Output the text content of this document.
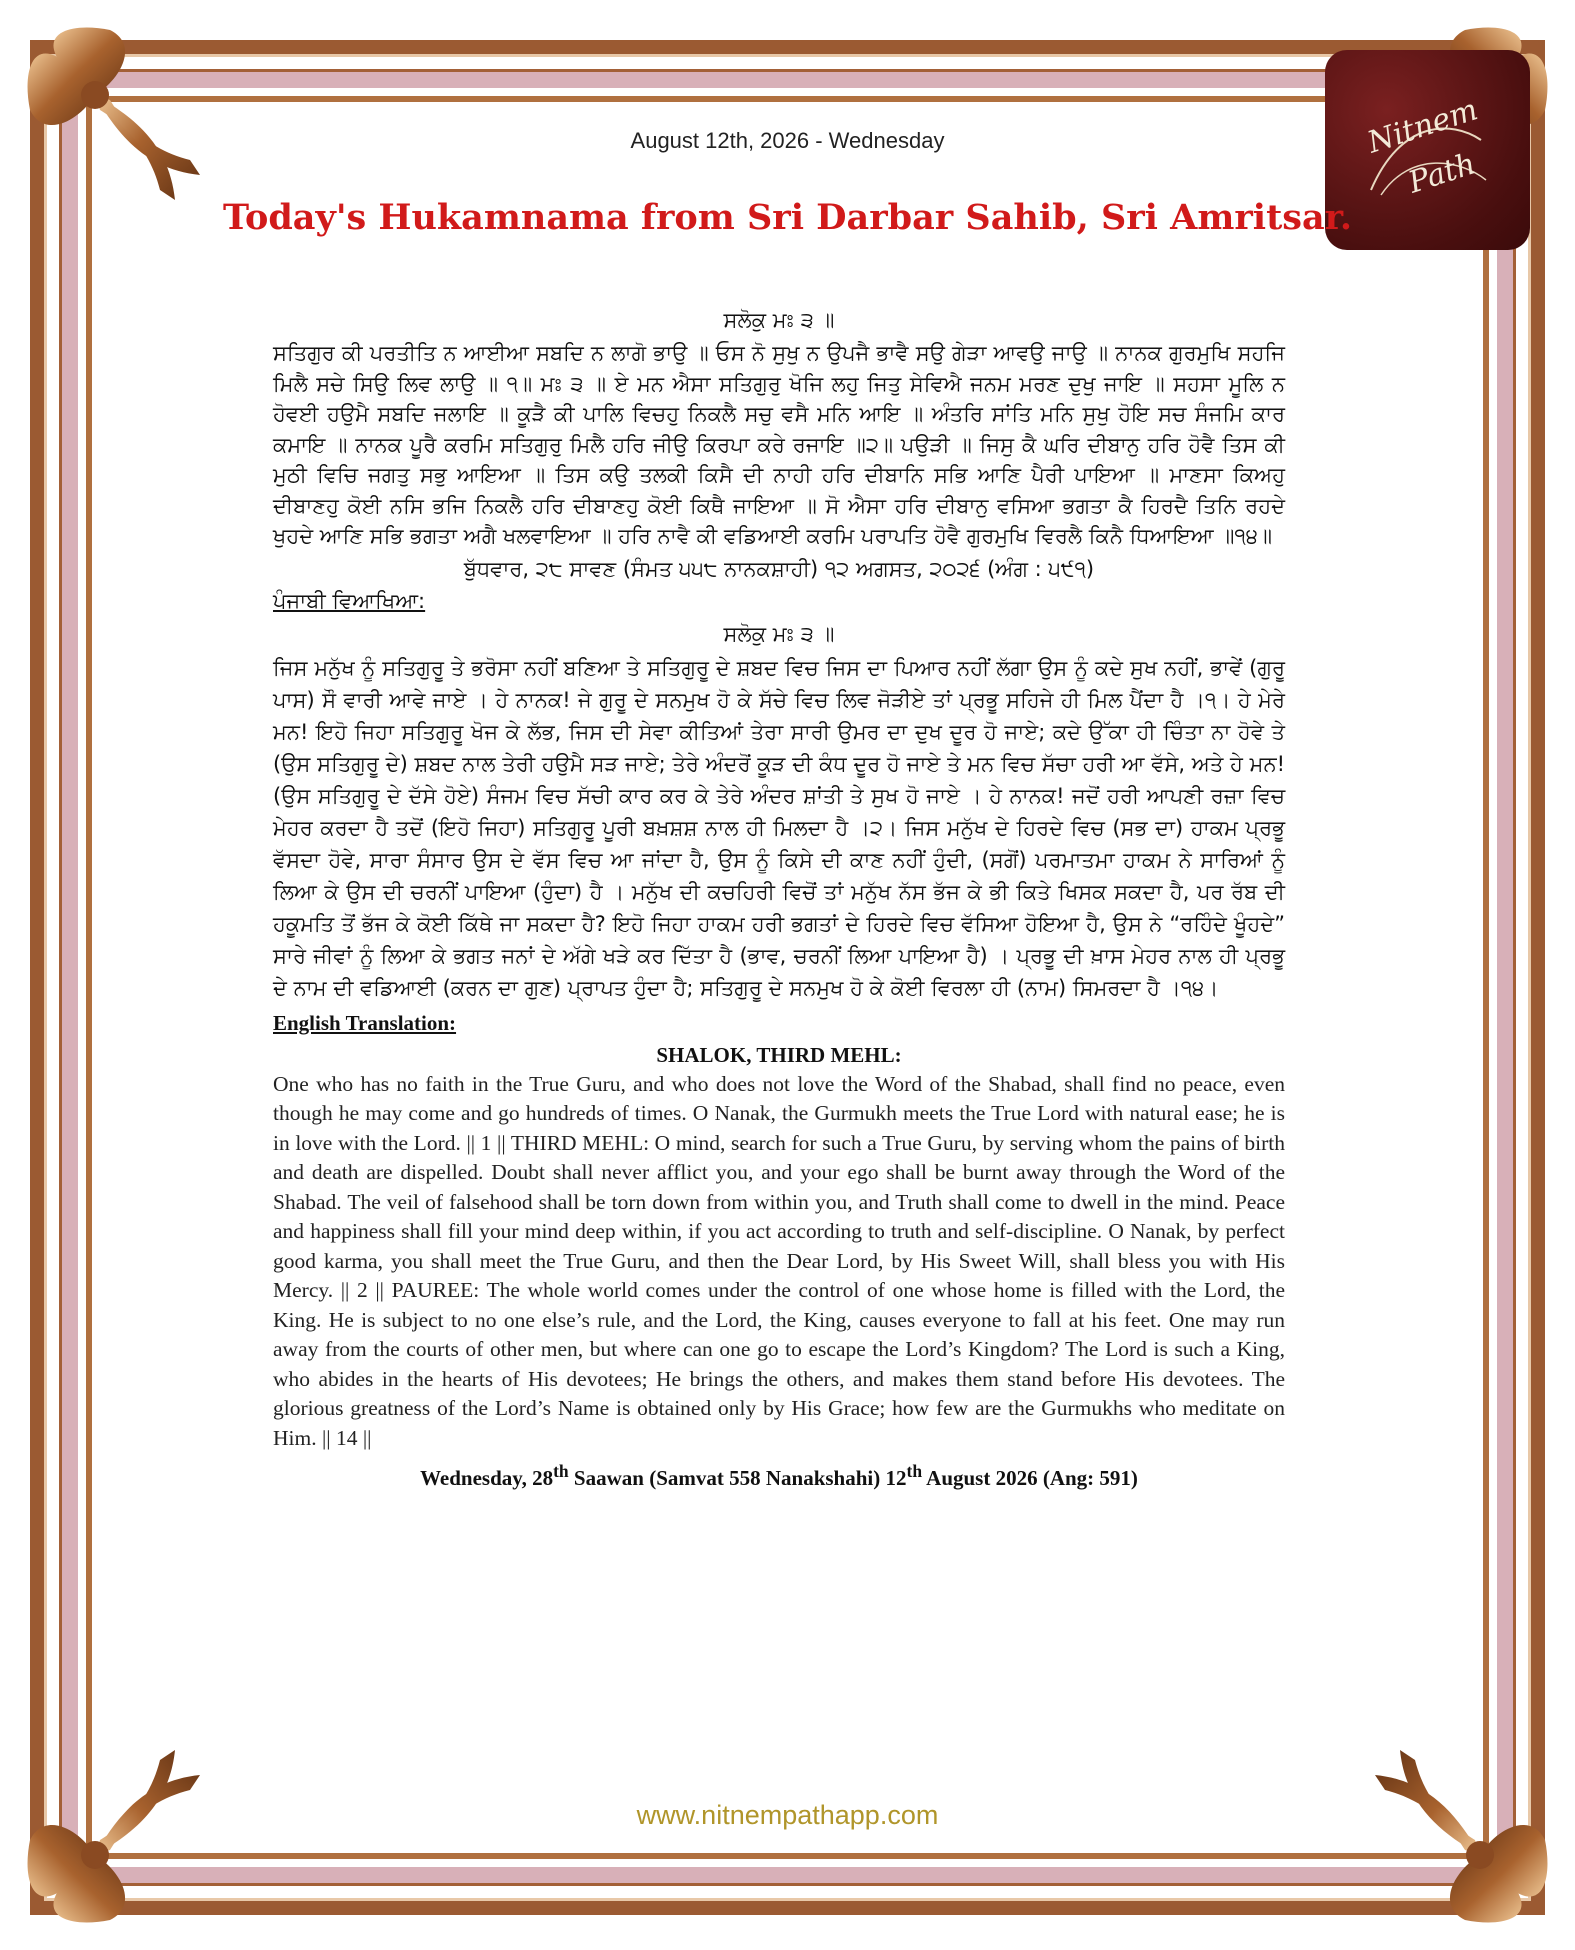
Nitnem
Path
August 12th, 2026 - Wednesday
Today's Hukamnama from Sri Darbar Sahib, Sri Amritsar.
ਸਲੋਕੁ ਮਃ ੩ ॥
ਸਤਿਗੁਰ ਕੀ ਪਰਤੀਤਿ ਨ ਆਈਆ ਸਬਦਿ ਨ ਲਾਗੋ ਭਾਉ ॥ ਓਸ ਨੋ ਸੁਖੁ ਨ ਉਪਜੈ ਭਾਵੈ ਸਉ ਗੇੜਾ ਆਵਉ ਜਾਉ ॥ ਨਾਨਕ ਗੁਰਮੁਖਿ ਸਹਜਿ ਮਿਲੈ ਸਚੇ ਸਿਉ ਲਿਵ ਲਾਉ ॥ ੧॥ ਮਃ ੩ ॥ ਏ ਮਨ ਐਸਾ ਸਤਿਗੁਰੁ ਖੋਜਿ ਲਹੁ ਜਿਤੁ ਸੇਵਿਐ ਜਨਮ ਮਰਣ ਦੁਖੁ ਜਾਇ ॥ ਸਹਸਾ ਮੂਲਿ ਨ ਹੋਵਈ ਹਉਮੈ ਸਬਦਿ ਜਲਾਇ ॥ ਕੂੜੈ ਕੀ ਪਾਲਿ ਵਿਚਹੁ ਨਿਕਲੈ ਸਚੁ ਵਸੈ ਮਨਿ ਆਇ ॥ ਅੰਤਰਿ ਸਾਂਤਿ ਮਨਿ ਸੁਖੁ ਹੋਇ ਸਚ ਸੰਜਮਿ ਕਾਰ ਕਮਾਇ ॥ ਨਾਨਕ ਪੂਰੈ ਕਰਮਿ ਸਤਿਗੁਰੁ ਮਿਲੈ ਹਰਿ ਜੀਉ ਕਿਰਪਾ ਕਰੇ ਰਜਾਇ ॥੨॥ ਪਉੜੀ ॥ ਜਿਸੁ ਕੈ ਘਰਿ ਦੀਬਾਨੁ ਹਰਿ ਹੋਵੈ ਤਿਸ ਕੀ ਮੁਠੀ ਵਿਚਿ ਜਗਤੁ ਸਭੁ ਆਇਆ ॥ ਤਿਸ ਕਉ ਤਲਕੀ ਕਿਸੈ ਦੀ ਨਾਹੀ ਹਰਿ ਦੀਬਾਨਿ ਸਭਿ ਆਣਿ ਪੈਰੀ ਪਾਇਆ ॥ ਮਾਣਸਾ ਕਿਅਹੁ ਦੀਬਾਣਹੁ ਕੋਈ ਨਸਿ ਭਜਿ ਨਿਕਲੈ ਹਰਿ ਦੀਬਾਣਹੁ ਕੋਈ ਕਿਥੈ ਜਾਇਆ ॥ ਸੋ ਐਸਾ ਹਰਿ ਦੀਬਾਨੁ ਵਸਿਆ ਭਗਤਾ ਕੈ ਹਿਰਦੈ ਤਿਨਿ ਰਹਦੇ ਖੁਹਦੇ ਆਣਿ ਸਭਿ ਭਗਤਾ ਅਗੈ ਖਲਵਾਇਆ ॥ ਹਰਿ ਨਾਵੈ ਕੀ ਵਡਿਆਈ ਕਰਮਿ ਪਰਾਪਤਿ ਹੋਵੈ ਗੁਰਮੁਖਿ ਵਿਰਲੈ ਕਿਨੈ ਧਿਆਇਆ ॥੧੪॥
ਬੁੱਧਵਾਰ, ੨੮ ਸਾਵਣ (ਸੰਮਤ ੫੫੮ ਨਾਨਕਸ਼ਾਹੀ) ੧੨ ਅਗਸਤ, ੨੦੨੬ (ਅੰਗ : ੫੯੧)
ਪੰਜਾਬੀ ਵਿਆਖਿਆ:
ਸਲੋਕੁ ਮਃ ੩ ॥
ਜਿਸ ਮਨੁੱਖ ਨੂੰ ਸਤਿਗੁਰੂ ਤੇ ਭਰੋਸਾ ਨਹੀਂ ਬਣਿਆ ਤੇ ਸਤਿਗੁਰੂ ਦੇ ਸ਼ਬਦ ਵਿਚ ਜਿਸ ਦਾ ਪਿਆਰ ਨਹੀਂ ਲੱਗਾ ਉਸ ਨੂੰ ਕਦੇ ਸੁਖ ਨਹੀਂ, ਭਾਵੇਂ (ਗੁਰੂ ਪਾਸ) ਸੌ ਵਾਰੀ ਆਵੇ ਜਾਏ । ਹੇ ਨਾਨਕ! ਜੇ ਗੁਰੂ ਦੇ ਸਨਮੁਖ ਹੋ ਕੇ ਸੱਚੇ ਵਿਚ ਲਿਵ ਜੋੜੀਏ ਤਾਂ ਪ੍ਰਭੂ ਸਹਿਜੇ ਹੀ ਮਿਲ ਪੈਂਦਾ ਹੈ ।੧। ਹੇ ਮੇਰੇ ਮਨ! ਇਹੋ ਜਿਹਾ ਸਤਿਗੁਰੂ ਖੋਜ ਕੇ ਲੱਭ, ਜਿਸ ਦੀ ਸੇਵਾ ਕੀਤਿਆਂ ਤੇਰਾ ਸਾਰੀ ਉਮਰ ਦਾ ਦੁਖ ਦੂਰ ਹੋ ਜਾਏ; ਕਦੇ ਉੱਕਾ ਹੀ ਚਿੰਤਾ ਨਾ ਹੋਵੇ ਤੇ (ਉਸ ਸਤਿਗੁਰੂ ਦੇ) ਸ਼ਬਦ ਨਾਲ ਤੇਰੀ ਹਉਮੈ ਸੜ ਜਾਏ; ਤੇਰੇ ਅੰਦਰੋਂ ਕੂੜ ਦੀ ਕੰਧ ਦੂਰ ਹੋ ਜਾਏ ਤੇ ਮਨ ਵਿਚ ਸੱਚਾ ਹਰੀ ਆ ਵੱਸੇ, ਅਤੇ ਹੇ ਮਨ! (ਉਸ ਸਤਿਗੁਰੂ ਦੇ ਦੱਸੇ ਹੋਏ) ਸੰਜਮ ਵਿਚ ਸੱਚੀ ਕਾਰ ਕਰ ਕੇ ਤੇਰੇ ਅੰਦਰ ਸ਼ਾਂਤੀ ਤੇ ਸੁਖ ਹੋ ਜਾਏ । ਹੇ ਨਾਨਕ! ਜਦੋਂ ਹਰੀ ਆਪਣੀ ਰਜ਼ਾ ਵਿਚ ਮੇਹਰ ਕਰਦਾ ਹੈ ਤਦੋਂ (ਇਹੋ ਜਿਹਾ) ਸਤਿਗੁਰੂ ਪੂਰੀ ਬਖ਼ਸ਼ਸ਼ ਨਾਲ ਹੀ ਮਿਲਦਾ ਹੈ ।੨। ਜਿਸ ਮਨੁੱਖ ਦੇ ਹਿਰਦੇ ਵਿਚ (ਸਭ ਦਾ) ਹਾਕਮ ਪ੍ਰਭੂ ਵੱਸਦਾ ਹੋਵੇ, ਸਾਰਾ ਸੰਸਾਰ ਉਸ ਦੇ ਵੱਸ ਵਿਚ ਆ ਜਾਂਦਾ ਹੈ, ਉਸ ਨੂੰ ਕਿਸੇ ਦੀ ਕਾਣ ਨਹੀਂ ਹੁੰਦੀ, (ਸਗੋਂ) ਪਰਮਾਤਮਾ ਹਾਕਮ ਨੇ ਸਾਰਿਆਂ ਨੂੰ ਲਿਆ ਕੇ ਉਸ ਦੀ ਚਰਨੀਂ ਪਾਇਆ (ਹੁੰਦਾ) ਹੈ । ਮਨੁੱਖ ਦੀ ਕਚਹਿਰੀ ਵਿਚੋਂ ਤਾਂ ਮਨੁੱਖ ਨੱਸ ਭੱਜ ਕੇ ਭੀ ਕਿਤੇ ਖਿਸਕ ਸਕਦਾ ਹੈ, ਪਰ ਰੱਬ ਦੀ ਹਕੂਮਤਿ ਤੋਂ ਭੱਜ ਕੇ ਕੋਈ ਕਿੱਥੇ ਜਾ ਸਕਦਾ ਹੈ? ਇਹੋ ਜਿਹਾ ਹਾਕਮ ਹਰੀ ਭਗਤਾਂ ਦੇ ਹਿਰਦੇ ਵਿਚ ਵੱਸਿਆ ਹੋਇਆ ਹੈ, ਉਸ ਨੇ “ਰਹਿੰਦੇ ਖੂੰਹਦੇ” ਸਾਰੇ ਜੀਵਾਂ ਨੂੰ ਲਿਆ ਕੇ ਭਗਤ ਜਨਾਂ ਦੇ ਅੱਗੇ ਖੜੇ ਕਰ ਦਿੱਤਾ ਹੈ (ਭਾਵ, ਚਰਨੀਂ ਲਿਆ ਪਾਇਆ ਹੈ) । ਪ੍ਰਭੂ ਦੀ ਖ਼ਾਸ ਮੇਹਰ ਨਾਲ ਹੀ ਪ੍ਰਭੂ ਦੇ ਨਾਮ ਦੀ ਵਡਿਆਈ (ਕਰਨ ਦਾ ਗੁਣ) ਪ੍ਰਾਪਤ ਹੁੰਦਾ ਹੈ; ਸਤਿਗੁਰੂ ਦੇ ਸਨਮੁਖ ਹੋ ਕੇ ਕੋਈ ਵਿਰਲਾ ਹੀ (ਨਾਮ) ਸਿਮਰਦਾ ਹੈ ।੧੪।
English Translation:
SHALOK, THIRD MEHL:
One who has no faith in the True Guru, and who does not love the Word of the Shabad, shall find no peace, even though he may come and go hundreds of times. O Nanak, the Gurmukh meets the True Lord with natural ease; he is in love with the Lord. || 1 || THIRD MEHL: O mind, search for such a True Guru, by serving whom the pains of birth and death are dispelled. Doubt shall never afflict you, and your ego shall be burnt away through the Word of the Shabad. The veil of falsehood shall be torn down from within you, and Truth shall come to dwell in the mind. Peace and happiness shall fill your mind deep within, if you act according to truth and self-discipline. O Nanak, by perfect good karma, you shall meet the True Guru, and then the Dear Lord, by His Sweet Will, shall bless you with His Mercy. || 2 || PAUREE: The whole world comes under the control of one whose home is filled with the Lord, the King. He is subject to no one else’s rule, and the Lord, the King, causes everyone to fall at his feet. One may run away from the courts of other men, but where can one go to escape the Lord’s Kingdom? The Lord is such a King, who abides in the hearts of His devotees; He brings the others, and makes them stand before His devotees. The glorious greatness of the Lord’s Name is obtained only by His Grace; how few are the Gurmukhs who meditate on Him. || 14 ||
Wednesday, 28th Saawan (Samvat 558 Nanakshahi) 12th August 2026 (Ang: 591)
www.nitnempathapp.com
